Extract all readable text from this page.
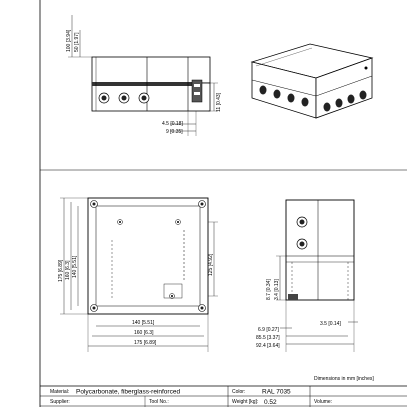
100 [3.94] 50 [1.97]
11 [0.43]
4.5 [0.18]
9 [0.35]
175 [6.89] 160 [6.3] 140 [5.51]	125 [4.92]
140 [5.51]
160 [6.3]
175 [6.89]
8.7 [0.34] 3.4 [0.13]
6.9 [0.27]
85.5 [3.37]
92.4 [3.64]
3.5 [0.14]
Dimensions in mm [inches]
Material: Polycarbonate, fiberglass-reinforced	Color:	RAL 7035
Supplier:	Tool No.:	Weight [kg]: 0.52	Volume:
